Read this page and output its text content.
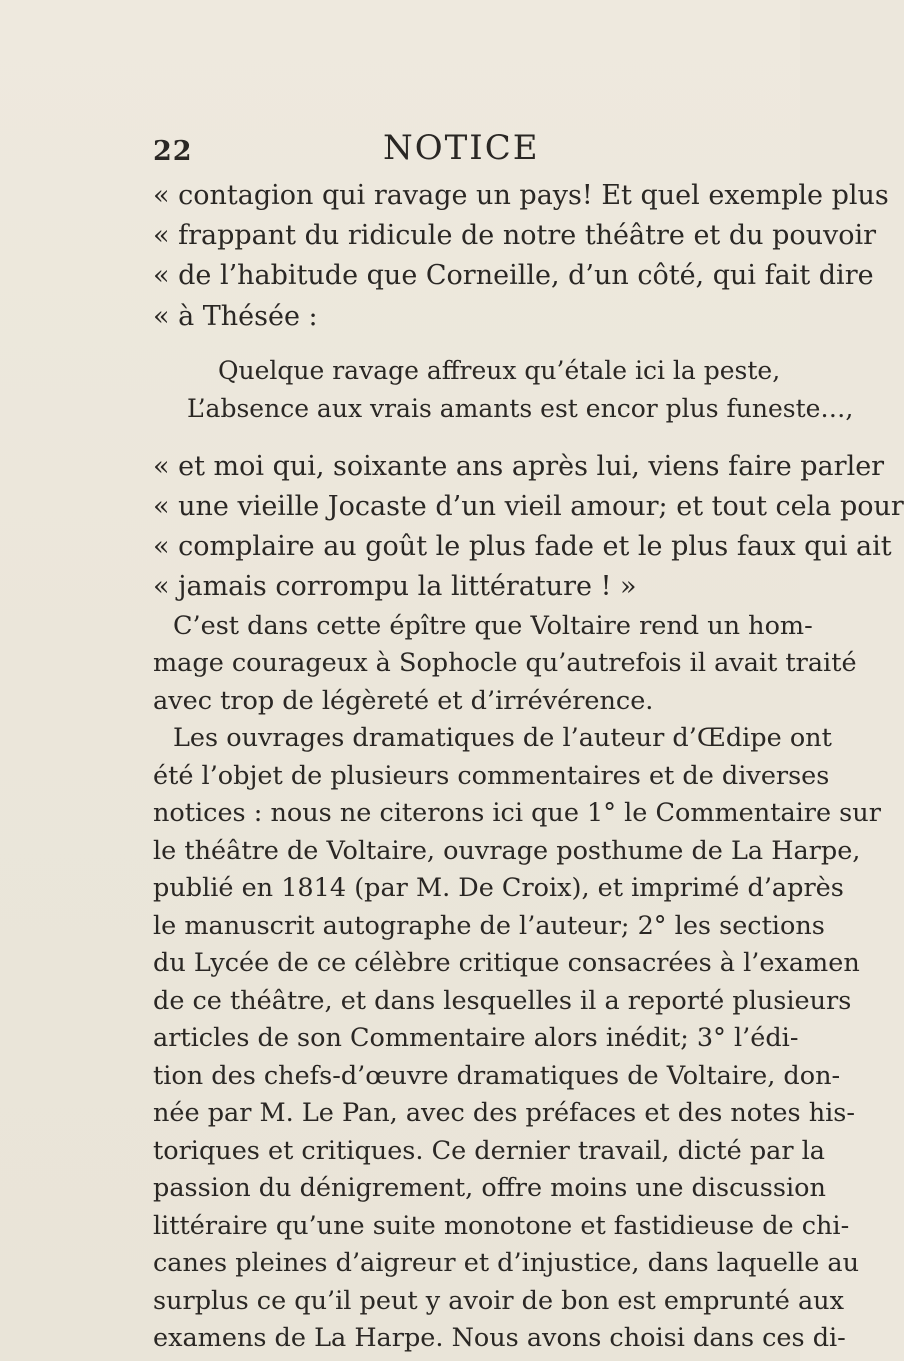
22	NOTICE
« contagion qui ravage un pays! Et quel exemple plus
« frappant du ridicule de notre théâtre et du pouvoir
« de l’habitude que Corneille, d’un côté, qui fait dire
« à Thésée :
Quelque ravage affreux qu’étale ici la peste,
L’absence aux vrais amants est encor plus funeste…,
« et moi qui, soixante ans après lui, viens faire parler
« une vieille Jocaste d’un vieil amour; et tout cela pour
« complaire au goût le plus fade et le plus faux qui ait
« jamais corrompu la littérature ! »
C’est dans cette épître que Voltaire rend un hom-
mage courageux à Sophocle qu’autrefois il avait traité
avec trop de légèreté et d’irrévérence.
Les ouvrages dramatiques de l’auteur d’Œdipe ont
été l’objet de plusieurs commentaires et de diverses
notices : nous ne citerons ici que 1° le Commentaire sur
le théâtre de Voltaire, ouvrage posthume de La Harpe,
publié en 1814 (par M. De Croix), et imprimé d’après
le manuscrit autographe de l’auteur; 2° les sections
du Lycée de ce célèbre critique consacrées à l’examen
de ce théâtre, et dans lesquelles il a reporté plusieurs
articles de son Commentaire alors inédit; 3° l’édi-
tion des chefs-d’œuvre dramatiques de Voltaire, don-
née par M. Le Pan, avec des préfaces et des notes his-
toriques et critiques. Ce dernier travail, dicté par la
passion du dénigrement, offre moins une discussion
littéraire qu’une suite monotone et fastidieuse de chi-
canes pleines d’aigreur et d’injustice, dans laquelle au
surplus ce qu’il peut y avoir de bon est emprunté aux
examens de La Harpe. Nous avons choisi dans ces di-
